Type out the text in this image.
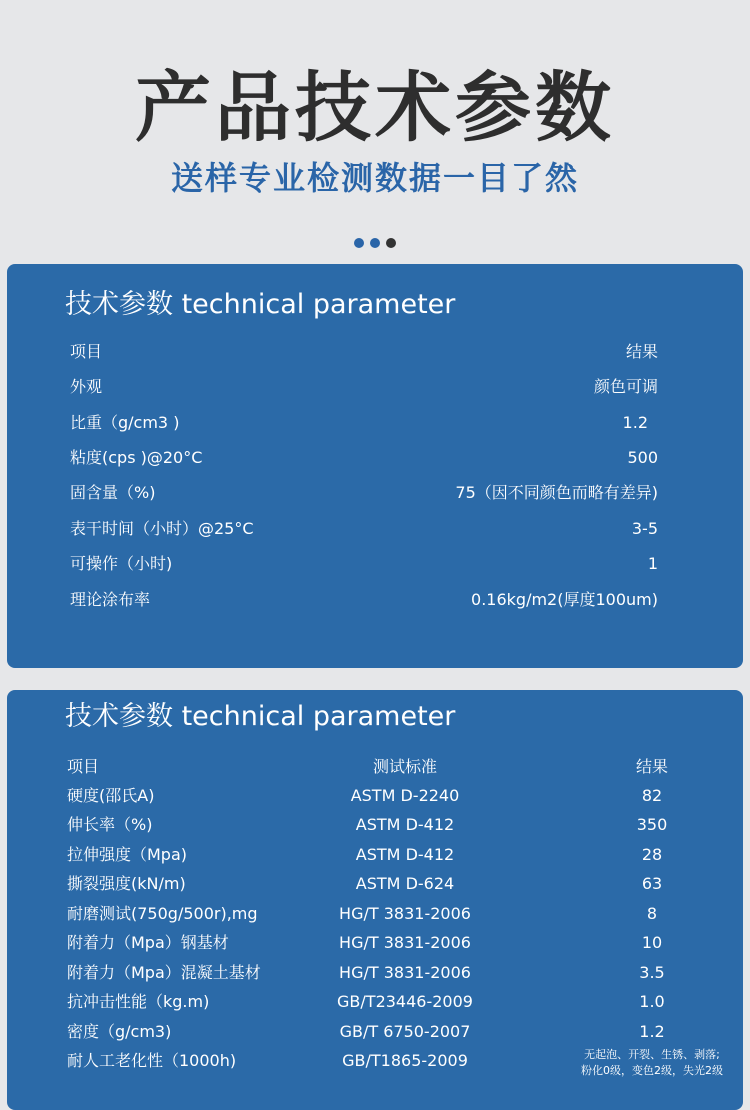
产品技术参数
送样专业检测数据一目了然
技术参数 technical parameter
项目	结果
外观	颜色可调
比重（g/cm3 )	1.2
粘度(cps )@20°C	500
固含量（%)	75（因不同颜色而略有差异)
表干时间（小时）@25°C	3-5
可操作（小时)	1
理论涂布率	0.16kg/m2(厚度100um)
技术参数 technical parameter
项目	测试标准	结果
硬度(邵氏A)	ASTM D-2240	82
伸长率（%)	ASTM D-412	350
拉伸强度（Mpa)	ASTM D-412	28
撕裂强度(kN/m)	ASTM D-624	63
耐磨测试(750g/500r),mg	HG/T 3831-2006	8
附着力（Mpa）钢基材	HG/T 3831-2006	10
附着力（Mpa）混凝土基材	HG/T 3831-2006	3.5
抗冲击性能（kg.m)	GB/T23446-2009	1.0
密度（g/cm3)	GB/T 6750-2007	1.2
耐人工老化性（1000h)	GB/T1865-2009	无起泡、开裂、生锈、剥落;
粉化0级，变色2级，失光2级
